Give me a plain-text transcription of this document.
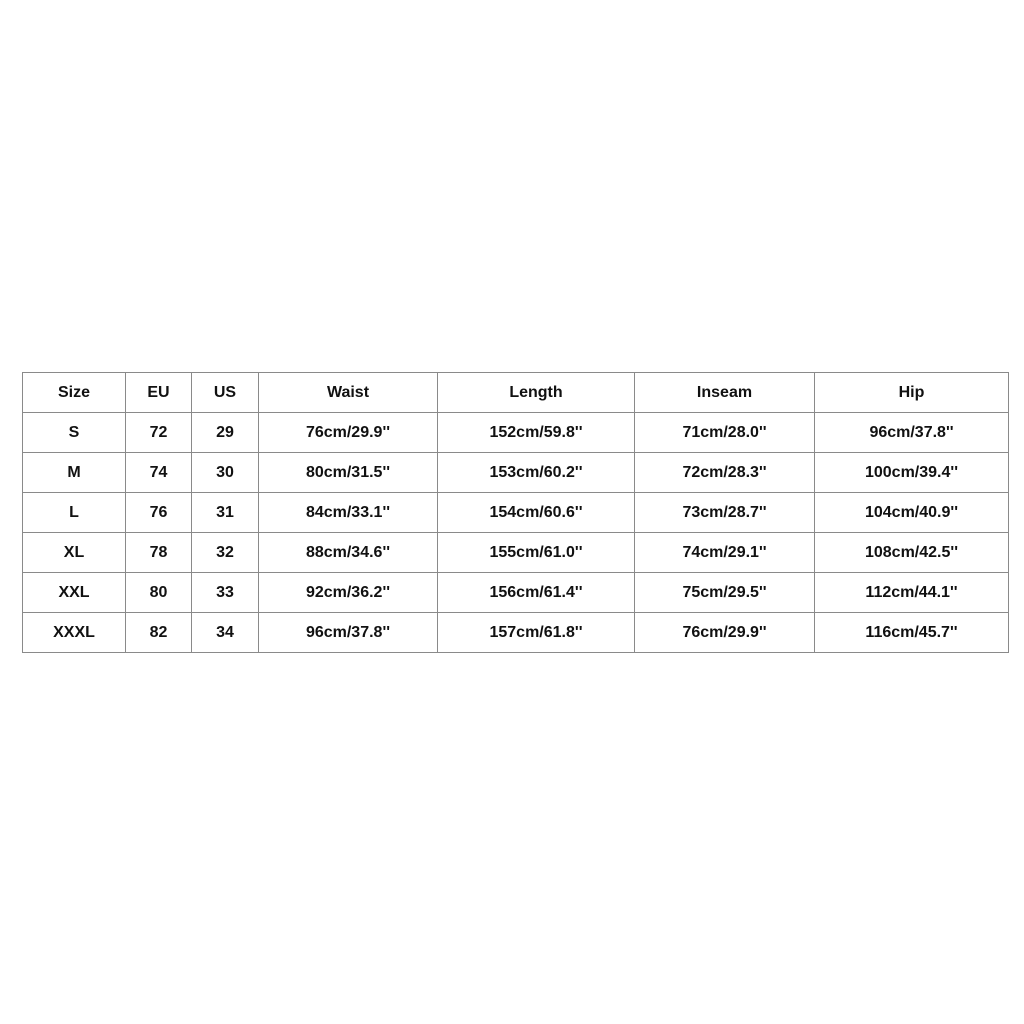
Size	EU	US	Waist	Length	Inseam	Hip
S	72	29	76cm/29.9''	152cm/59.8''	71cm/28.0''	96cm/37.8''
M	74	30	80cm/31.5''	153cm/60.2''	72cm/28.3''	100cm/39.4''
L	76	31	84cm/33.1''	154cm/60.6''	73cm/28.7''	104cm/40.9''
XL	78	32	88cm/34.6''	155cm/61.0''	74cm/29.1''	108cm/42.5''
XXL	80	33	92cm/36.2''	156cm/61.4''	75cm/29.5''	112cm/44.1''
XXXL	82	34	96cm/37.8''	157cm/61.8''	76cm/29.9''	116cm/45.7''
